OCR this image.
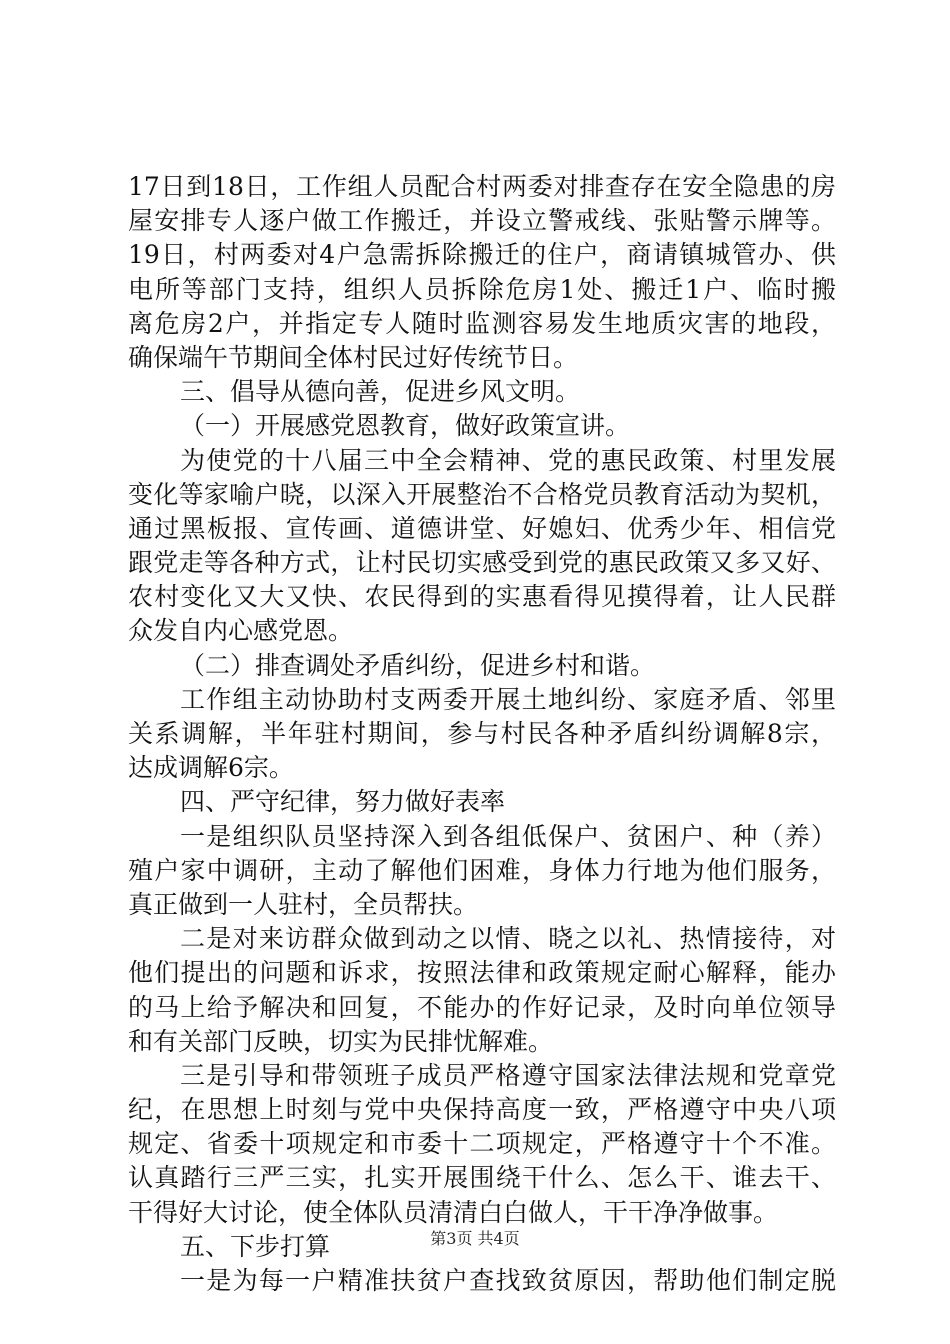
17日到18日，工作组人员配合村两委对排查存在安全隐患的房
屋安排专人逐户做工作搬迁，并设立警戒线、张贴警示牌等。
19日，村两委对4户急需拆除搬迁的住户，商请镇城管办、供
电所等部门支持，组织人员拆除危房1处、搬迁1户、临时搬
离危房2户，并指定专人随时监测容易发生地质灾害的地段，
确保端午节期间全体村民过好传统节日。
三、倡导从德向善，促进乡风文明。
（一）开展感党恩教育，做好政策宣讲。
为使党的十八届三中全会精神、党的惠民政策、村里发展
变化等家喻户晓，以深入开展整治不合格党员教育活动为契机，
通过黑板报、宣传画、道德讲堂、好媳妇、优秀少年、相信党
跟党走等各种方式，让村民切实感受到党的惠民政策又多又好、
农村变化又大又快、农民得到的实惠看得见摸得着，让人民群
众发自内心感党恩。
（二）排查调处矛盾纠纷，促进乡村和谐。
工作组主动协助村支两委开展土地纠纷、家庭矛盾、邻里
关系调解，半年驻村期间，参与村民各种矛盾纠纷调解8宗，
达成调解6宗。
四、严守纪律，努力做好表率
一是组织队员坚持深入到各组低保户、贫困户、种（养）
殖户家中调研，主动了解他们困难，身体力行地为他们服务，
真正做到一人驻村，全员帮扶。
二是对来访群众做到动之以情、晓之以礼、热情接待，对
他们提出的问题和诉求，按照法律和政策规定耐心解释，能办
的马上给予解决和回复，不能办的作好记录，及时向单位领导
和有关部门反映，切实为民排忧解难。
三是引导和带领班子成员严格遵守国家法律法规和党章党
纪，在思想上时刻与党中央保持高度一致，严格遵守中央八项
规定、省委十项规定和市委十二项规定，严格遵守十个不准。
认真踏行三严三实，扎实开展围绕干什么、怎么干、谁去干、
干得好大讨论，使全体队员清清白白做人，干干净净做事。
五、下步打算
一是为每一户精准扶贫户查找致贫原因，帮助他们制定脱
第3页 共4页
